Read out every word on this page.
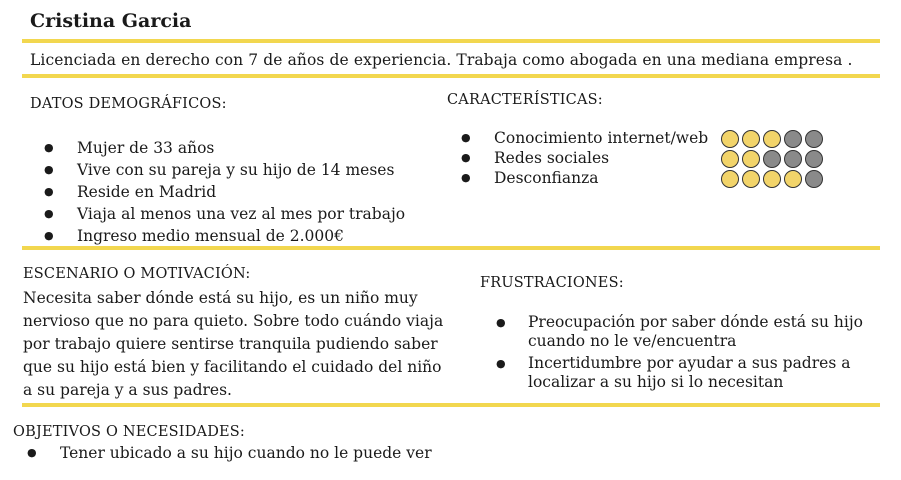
Cristina Garcia
Licenciada en derecho con 7 de años de experiencia. Trabaja como abogada en una mediana empresa .
DATOS DEMOGRÁFICOS:
● Mujer de 33 años
● Vive con su pareja y su hijo de 14 meses
● Reside en Madrid
● Viaja al menos una vez al mes por trabajo
● Ingreso medio mensual de 2.000€
CARACTERÍSTICAS:
● Conocimiento internet/web
● Redes sociales
● Desconfianza
ESCENARIO O MOTIVACIÓN:
Necesita saber dónde está su hijo, es un niño muy
nervioso que no para quieto. Sobre todo cuándo viaja
por trabajo quiere sentirse tranquila pudiendo saber
que su hijo está bien y facilitando el cuidado del niño
a su pareja y a sus padres.
FRUSTRACIONES:
● Preocupación por saber dónde está su hijo
cuando no le ve/encuentra
● Incertidumbre por ayudar a sus padres a
localizar a su hijo si lo necesitan
OBJETIVOS O NECESIDADES:
● Tener ubicado a su hijo cuando no le puede ver
